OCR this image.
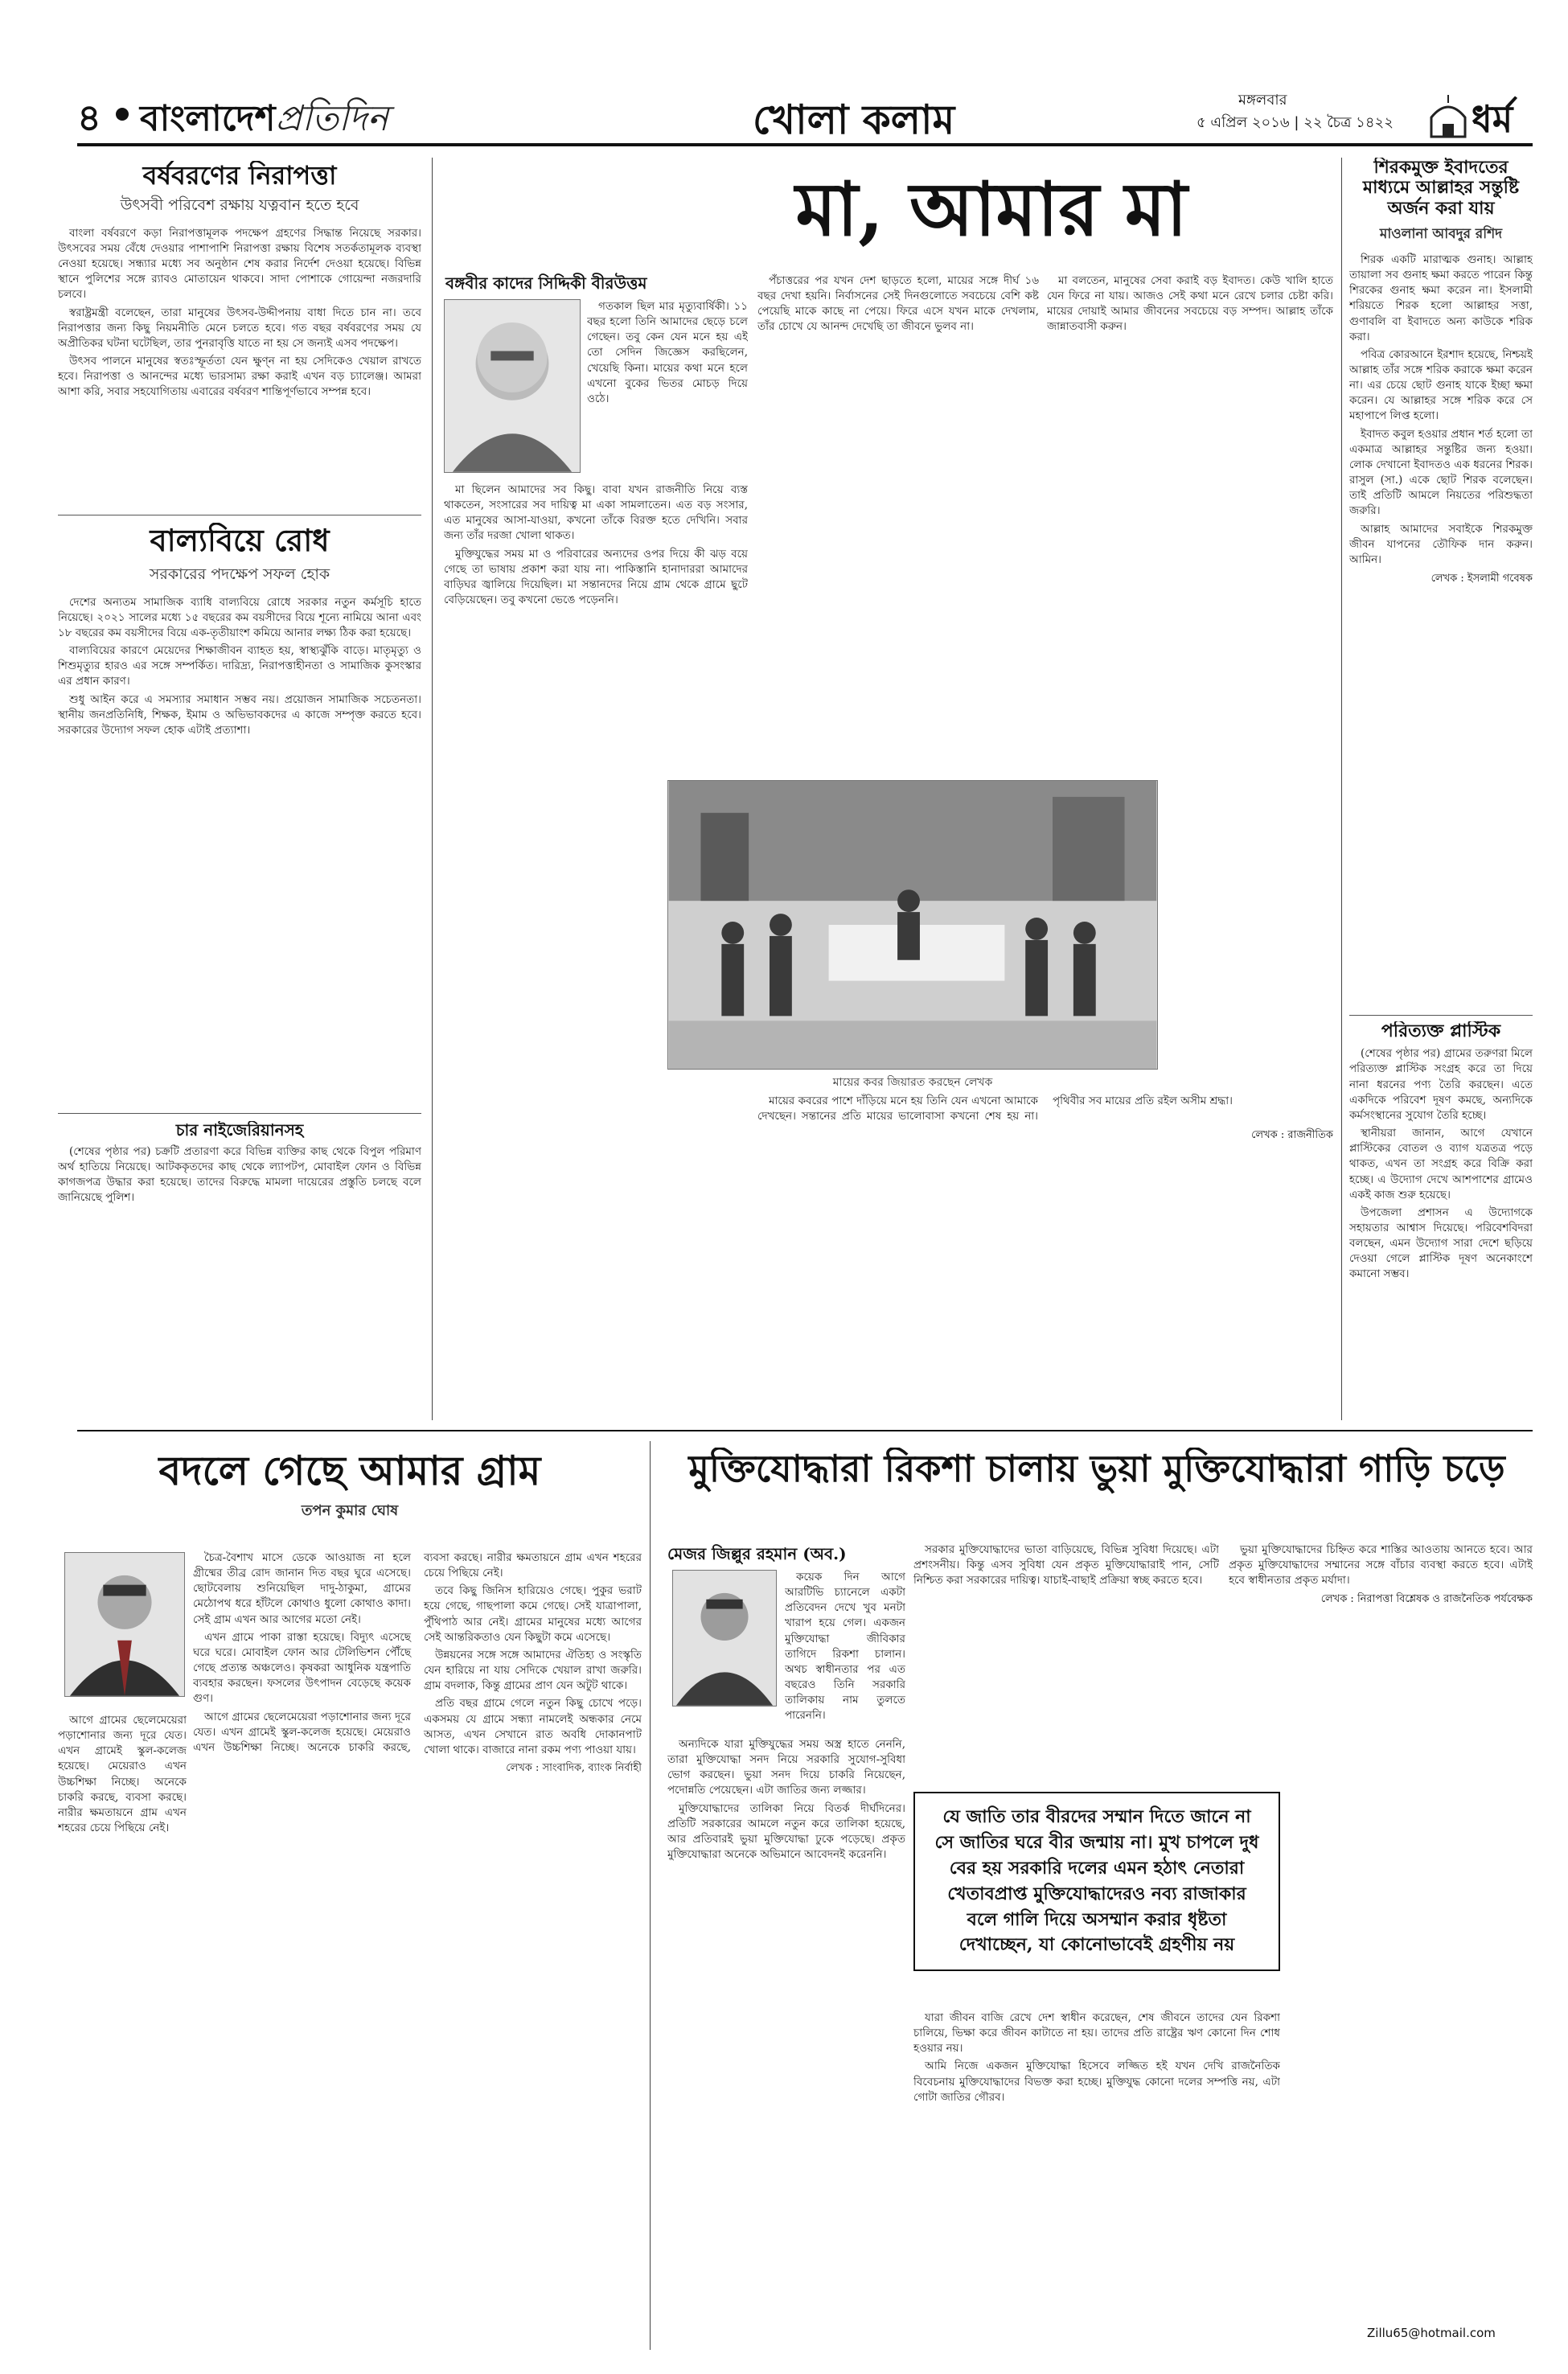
৪ বাংলাদেশপ্রতিদিন	খোলা কলাম	মঙ্গলবার
৫ এপ্রিল ২০১৬ | ২২ চৈত্র ১৪২২ ধর্ম
বর্ষবরণের নিরাপত্তা
উৎসবী পরিবেশ রক্ষায় যত্নবান হতে হবে

বাংলা বর্ষবরণে কড়া নিরাপত্তামূলক পদক্ষেপ গ্রহণের সিদ্ধান্ত নিয়েছে সরকার। উৎসবের সময় বেঁধে দেওয়ার পাশাপাশি নিরাপত্তা রক্ষায় বিশেষ সতর্কতামূলক ব্যবস্থা নেওয়া হয়েছে। সন্ধ্যার মধ্যে সব অনুষ্ঠান শেষ করার নির্দেশ দেওয়া হয়েছে। বিভিন্ন স্থানে পুলিশের সঙ্গে র‍্যাবও মোতায়েন থাকবে। সাদা পোশাকে গোয়েন্দা নজরদারি চলবে।

স্বরাষ্ট্রমন্ত্রী বলেছেন, তারা মানুষের উৎসব-উদ্দীপনায় বাধা দিতে চান না। তবে নিরাপত্তার জন্য কিছু নিয়মনীতি মেনে চলতে হবে। গত বছর বর্ষবরণের সময় যে অপ্রীতিকর ঘটনা ঘটেছিল, তার পুনরাবৃত্তি যাতে না হয় সে জন্যই এসব পদক্ষেপ।

উৎসব পালনে মানুষের স্বতঃস্ফূর্ততা যেন ক্ষুণ্ন না হয় সেদিকেও খেয়াল রাখতে হবে। নিরাপত্তা ও আনন্দের মধ্যে ভারসাম্য রক্ষা করাই এখন বড় চ্যালেঞ্জ। আমরা আশা করি, সবার সহযোগিতায় এবারের বর্ষবরণ শান্তিপূর্ণভাবে সম্পন্ন হবে।

বাল্যবিয়ে রোধ
সরকারের পদক্ষেপ সফল হোক

দেশের অন্যতম সামাজিক ব্যাধি বাল্যবিয়ে রোধে সরকার নতুন কর্মসূচি হাতে নিয়েছে। ২০২১ সালের মধ্যে ১৫ বছরের কম বয়সীদের বিয়ে শূন্যে নামিয়ে আনা এবং ১৮ বছরের কম বয়সীদের বিয়ে এক-তৃতীয়াংশ কমিয়ে আনার লক্ষ্য ঠিক করা হয়েছে।

বাল্যবিয়ের কারণে মেয়েদের শিক্ষাজীবন ব্যাহত হয়, স্বাস্থ্যঝুঁকি বাড়ে। মাতৃমৃত্যু ও শিশুমৃত্যুর হারও এর সঙ্গে সম্পর্কিত। দারিদ্র্য, নিরাপত্তাহীনতা ও সামাজিক কুসংস্কার এর প্রধান কারণ।

শুধু আইন করে এ সমস্যার সমাধান সম্ভব নয়। প্রয়োজন সামাজিক সচেতনতা। স্থানীয় জনপ্রতিনিধি, শিক্ষক, ইমাম ও অভিভাবকদের এ কাজে সম্পৃক্ত করতে হবে। সরকারের উদ্যোগ সফল হোক এটাই প্রত্যাশা।

চার নাইজেরিয়ানসহ

(শেষের পৃষ্ঠার পর) চক্রটি প্রতারণা করে বিভিন্ন ব্যক্তির কাছ থেকে বিপুল পরিমাণ অর্থ হাতিয়ে নিয়েছে। আটককৃতদের কাছ থেকে ল্যাপটপ, মোবাইল ফোন ও বিভিন্ন কাগজপত্র উদ্ধার করা হয়েছে। তাদের বিরুদ্ধে মামলা দায়েরের প্রস্তুতি চলছে বলে জানিয়েছে পুলিশ।

মা, আমার মা
বঙ্গবীর কাদের সিদ্দিকী বীরউত্তম

গতকাল ছিল মার মৃত্যুবার্ষিকী। ১১ বছর হলো তিনি আমাদের ছেড়ে চলে গেছেন। তবু কেন যেন মনে হয় এই তো সেদিন জিজ্ঞেস করছিলেন, খেয়েছি কিনা। মায়ের কথা মনে হলে এখনো বুকের ভিতর মোচড় দিয়ে ওঠে।

মা ছিলেন আমাদের সব কিছু। বাবা যখন রাজনীতি নিয়ে ব্যস্ত থাকতেন, সংসারের সব দায়িত্ব মা একা সামলাতেন। এত বড় সংসার, এত মানুষের আসা-যাওয়া, কখনো তাঁকে বিরক্ত হতে দেখিনি। সবার জন্য তাঁর দরজা খোলা থাকত।

মুক্তিযুদ্ধের সময় মা ও পরিবারের অন্যদের ওপর দিয়ে কী ঝড় বয়ে গেছে তা ভাষায় প্রকাশ করা যায় না। পাকিস্তানি হানাদাররা আমাদের বাড়িঘর জ্বালিয়ে দিয়েছিল। মা সন্তানদের নিয়ে গ্রাম থেকে গ্রামে ছুটে বেড়িয়েছেন। তবু কখনো ভেঙে পড়েননি।

পঁচাত্তরের পর যখন দেশ ছাড়তে হলো, মায়ের সঙ্গে দীর্ঘ ১৬ বছর দেখা হয়নি। নির্বাসনের সেই দিনগুলোতে সবচেয়ে বেশি কষ্ট পেয়েছি মাকে কাছে না পেয়ে। ফিরে এসে যখন মাকে দেখলাম, তাঁর চোখে যে আনন্দ দেখেছি তা জীবনে ভুলব না।

মা বলতেন, মানুষের সেবা করাই বড় ইবাদত। কেউ খালি হাতে যেন ফিরে না যায়। আজও সেই কথা মনে রেখে চলার চেষ্টা করি। মায়ের দোয়াই আমার জীবনের সবচেয়ে বড় সম্পদ। আল্লাহ তাঁকে জান্নাতবাসী করুন।

মায়ের কবর জিয়ারত করছেন লেখক

মায়ের কবরের পাশে দাঁড়িয়ে মনে হয় তিনি যেন এখনো আমাকে দেখছেন। সন্তানের প্রতি মায়ের ভালোবাসা কখনো শেষ হয় না। পৃথিবীর সব মায়ের প্রতি রইল অসীম শ্রদ্ধা।

লেখক : রাজনীতিক
শিরকমুক্ত ইবাদতের মাধ্যমে আল্লাহর সন্তুষ্টি অর্জন করা যায়
মাওলানা আবদুর রশিদ

শিরক একটি মারাত্মক গুনাহ। আল্লাহ তায়ালা সব গুনাহ ক্ষমা করতে পারেন কিন্তু শিরকের গুনাহ ক্ষমা করেন না। ইসলামী শরিয়তে শিরক হলো আল্লাহর সত্তা, গুণাবলি বা ইবাদতে অন্য কাউকে শরিক করা।

পবিত্র কোরআনে ইরশাদ হয়েছে, নিশ্চয়ই আল্লাহ তাঁর সঙ্গে শরিক করাকে ক্ষমা করেন না। এর চেয়ে ছোট গুনাহ যাকে ইচ্ছা ক্ষমা করেন। যে আল্লাহর সঙ্গে শরিক করে সে মহাপাপে লিপ্ত হলো।

ইবাদত কবুল হওয়ার প্রধান শর্ত হলো তা একমাত্র আল্লাহর সন্তুষ্টির জন্য হওয়া। লোক দেখানো ইবাদতও এক ধরনের শিরক। রাসুল (সা.) একে ছোট শিরক বলেছেন। তাই প্রতিটি আমলে নিয়তের পরিশুদ্ধতা জরুরি।

আল্লাহ আমাদের সবাইকে শিরকমুক্ত জীবন যাপনের তৌফিক দান করুন। আমিন।

লেখক : ইসলামী গবেষক
পরিত্যক্ত প্লাস্টিক

(শেষের পৃষ্ঠার পর) গ্রামের তরুণরা মিলে পরিত্যক্ত প্লাস্টিক সংগ্রহ করে তা দিয়ে নানা ধরনের পণ্য তৈরি করছেন। এতে একদিকে পরিবেশ দূষণ কমছে, অন্যদিকে কর্মসংস্থানের সুযোগ তৈরি হচ্ছে।

স্থানীয়রা জানান, আগে যেখানে প্লাস্টিকের বোতল ও ব্যাগ যত্রতত্র পড়ে থাকত, এখন তা সংগ্রহ করে বিক্রি করা হচ্ছে। এ উদ্যোগ দেখে আশপাশের গ্রামেও একই কাজ শুরু হয়েছে।

উপজেলা প্রশাসন এ উদ্যোগকে সহায়তার আশ্বাস দিয়েছে। পরিবেশবিদরা বলছেন, এমন উদ্যোগ সারা দেশে ছড়িয়ে দেওয়া গেলে প্লাস্টিক দূষণ অনেকাংশে কমানো সম্ভব।

বদলে গেছে আমার গ্রাম
তপন কুমার ঘোষ

চৈত্র-বৈশাখ মাসে ডেকে আওয়াজ না হলে গ্রীষ্মের তীব্র রোদ জানান দিত বছর ঘুরে এসেছে। ছোটবেলায় শুনিয়েছিল দাদু-ঠাকুমা, গ্রামের মেঠোপথ ধরে হাঁটলে কোথাও ধুলো কোথাও কাদা। সেই গ্রাম এখন আর আগের মতো নেই।

এখন গ্রামে পাকা রাস্তা হয়েছে। বিদ্যুৎ এসেছে ঘরে ঘরে। মোবাইল ফোন আর টেলিভিশন পৌঁছে গেছে প্রত্যন্ত অঞ্চলেও। কৃষকরা আধুনিক যন্ত্রপাতি ব্যবহার করছেন। ফসলের উৎপাদন বেড়েছে কয়েক গুণ।

আগে গ্রামের ছেলেমেয়েরা পড়াশোনার জন্য দূরে যেত। এখন গ্রামেই স্কুল-কলেজ হয়েছে। মেয়েরাও এখন উচ্চশিক্ষা নিচ্ছে। অনেকে চাকরি করছে, ব্যবসা করছে। নারীর ক্ষমতায়নে গ্রাম এখন শহরের চেয়ে পিছিয়ে নেই।

তবে কিছু জিনিস হারিয়েও গেছে। পুকুর ভরাট হয়ে গেছে, গাছপালা কমে গেছে। সেই যাত্রাপালা, পুঁথিপাঠ আর নেই। গ্রামের মানুষের মধ্যে আগের সেই আন্তরিকতাও যেন কিছুটা কমে এসেছে।

উন্নয়নের সঙ্গে সঙ্গে আমাদের ঐতিহ্য ও সংস্কৃতি যেন হারিয়ে না যায় সেদিকে খেয়াল রাখা জরুরি। গ্রাম বদলাক, কিন্তু গ্রামের প্রাণ যেন অটুট থাকে।

প্রতি বছর গ্রামে গেলে নতুন কিছু চোখে পড়ে। একসময় যে গ্রামে সন্ধ্যা নামলেই অন্ধকার নেমে আসত, এখন সেখানে রাত অবধি দোকানপাট খোলা থাকে। বাজারে নানা রকম পণ্য পাওয়া যায়।

লেখক : সাংবাদিক, ব্যাংক নির্বাহী

আগে গ্রামের ছেলেমেয়েরা পড়াশোনার জন্য দূরে যেত। এখন গ্রামেই স্কুল-কলেজ হয়েছে। মেয়েরাও এখন উচ্চশিক্ষা নিচ্ছে। অনেকে চাকরি করছে, ব্যবসা করছে। নারীর ক্ষমতায়নে গ্রাম এখন শহরের চেয়ে পিছিয়ে নেই।

মুক্তিযোদ্ধারা রিকশা চালায় ভুয়া মুক্তিযোদ্ধারা গাড়ি চড়ে
মেজর জিল্লুর রহমান (অব.)

কয়েক দিন আগে আরটিভি চ্যানেলে একটা প্রতিবেদন দেখে খুব মনটা খারাপ হয়ে গেল। একজন মুক্তিযোদ্ধা জীবিকার তাগিদে রিকশা চালান। অথচ স্বাধীনতার পর এত বছরেও তিনি সরকারি তালিকায় নাম তুলতে পারেননি।

অন্যদিকে যারা মুক্তিযুদ্ধের সময় অস্ত্র হাতে নেননি, তারা মুক্তিযোদ্ধা সনদ নিয়ে সরকারি সুযোগ-সুবিধা ভোগ করছেন। ভুয়া সনদ দিয়ে চাকরি নিয়েছেন, পদোন্নতি পেয়েছেন। এটা জাতির জন্য লজ্জার।

মুক্তিযোদ্ধাদের তালিকা নিয়ে বিতর্ক দীর্ঘদিনের। প্রতিটি সরকারের আমলে নতুন করে তালিকা হয়েছে, আর প্রতিবারই ভুয়া মুক্তিযোদ্ধা ঢুকে পড়েছে। প্রকৃত মুক্তিযোদ্ধারা অনেকে অভিমানে আবেদনই করেননি।

সরকার মুক্তিযোদ্ধাদের ভাতা বাড়িয়েছে, বিভিন্ন সুবিধা দিয়েছে। এটা প্রশংসনীয়। কিন্তু এসব সুবিধা যেন প্রকৃত মুক্তিযোদ্ধারাই পান, সেটি নিশ্চিত করা সরকারের দায়িত্ব। যাচাই-বাছাই প্রক্রিয়া স্বচ্ছ করতে হবে।

যে জাতি তার বীরদের সম্মান দিতে জানে না সে জাতির ঘরে বীর জন্মায় না। মুখ চাপলে দুধ বের হয় সরকারি দলের এমন হঠাৎ নেতারা খেতাবপ্রাপ্ত মুক্তিযোদ্ধাদেরও নব্য রাজাকার বলে গালি দিয়ে অসম্মান করার ধৃষ্টতা দেখাচ্ছেন, যা কোনোভাবেই গ্রহণীয় নয়

যারা জীবন বাজি রেখে দেশ স্বাধীন করেছেন, শেষ জীবনে তাদের যেন রিকশা চালিয়ে, ভিক্ষা করে জীবন কাটাতে না হয়। তাদের প্রতি রাষ্ট্রের ঋণ কোনো দিন শোধ হওয়ার নয়।

আমি নিজে একজন মুক্তিযোদ্ধা হিসেবে লজ্জিত হই যখন দেখি রাজনৈতিক বিবেচনায় মুক্তিযোদ্ধাদের বিভক্ত করা হচ্ছে। মুক্তিযুদ্ধ কোনো দলের সম্পত্তি নয়, এটা গোটা জাতির গৌরব।

ভুয়া মুক্তিযোদ্ধাদের চিহ্নিত করে শাস্তির আওতায় আনতে হবে। আর প্রকৃত মুক্তিযোদ্ধাদের সম্মানের সঙ্গে বাঁচার ব্যবস্থা করতে হবে। এটাই হবে স্বাধীনতার প্রকৃত মর্যাদা।

লেখক : নিরাপত্তা বিশ্লেষক ও রাজনৈতিক পর্যবেক্ষক
Zillu65@hotmail.com
